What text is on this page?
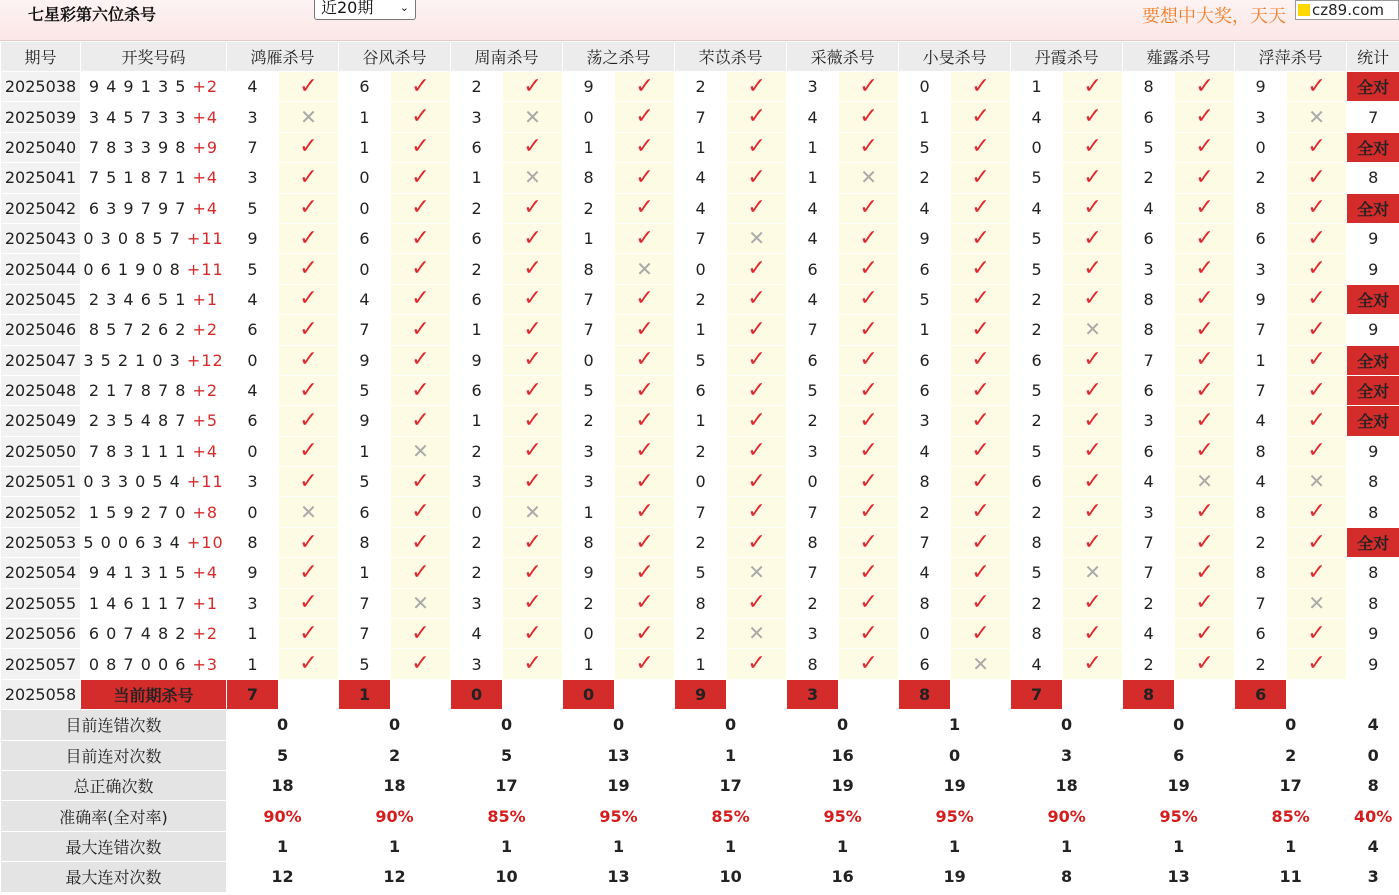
七星彩第六位杀号	近20期 ⌄	要想中大奖，天天	cz89.com
期号	开奖号码	鸿雁杀号		谷风杀号		周南杀号		荡之杀号		芣苡杀号		采薇杀号		小旻杀号		丹霞杀号		薤露杀号		浮萍杀号		统计
2025038	9 4 9 1 3 5 +2	4	✓	6	✓	2	✓	9	✓	2	✓	3	✓	0	✓	1	✓	8	✓	9	✓	全对
2025039	3 4 5 7 3 3 +4	3	✕	1	✓	3	✕	0	✓	7	✓	4	✓	1	✓	4	✓	6	✓	3	✕	7
2025040	7 8 3 3 9 8 +9	7	✓	1	✓	6	✓	1	✓	1	✓	1	✓	5	✓	0	✓	5	✓	0	✓	全对
2025041	7 5 1 8 7 1 +4	3	✓	0	✓	1	✕	8	✓	4	✓	1	✕	2	✓	5	✓	2	✓	2	✓	8
2025042	6 3 9 7 9 7 +4	5	✓	0	✓	2	✓	2	✓	4	✓	4	✓	4	✓	4	✓	4	✓	8	✓	全对
2025043	0 3 0 8 5 7 +11	9	✓	6	✓	6	✓	1	✓	7	✕	4	✓	9	✓	5	✓	6	✓	6	✓	9
2025044	0 6 1 9 0 8 +11	5	✓	0	✓	2	✓	8	✕	0	✓	6	✓	6	✓	5	✓	3	✓	3	✓	9
2025045	2 3 4 6 5 1 +1	4	✓	4	✓	6	✓	7	✓	2	✓	4	✓	5	✓	2	✓	8	✓	9	✓	全对
2025046	8 5 7 2 6 2 +2	6	✓	7	✓	1	✓	7	✓	1	✓	7	✓	1	✓	2	✕	8	✓	7	✓	9
2025047	3 5 2 1 0 3 +12	0	✓	9	✓	9	✓	0	✓	5	✓	6	✓	6	✓	6	✓	7	✓	1	✓	全对
2025048	2 1 7 8 7 8 +2	4	✓	5	✓	6	✓	5	✓	6	✓	5	✓	6	✓	5	✓	6	✓	7	✓	全对
2025049	2 3 5 4 8 7 +5	6	✓	9	✓	1	✓	2	✓	1	✓	2	✓	3	✓	2	✓	3	✓	4	✓	全对
2025050	7 8 3 1 1 1 +4	0	✓	1	✕	2	✓	3	✓	2	✓	3	✓	4	✓	5	✓	6	✓	8	✓	9
2025051	0 3 3 0 5 4 +11	3	✓	5	✓	3	✓	3	✓	0	✓	0	✓	8	✓	6	✓	4	✕	4	✕	8
2025052	1 5 9 2 7 0 +8	0	✕	6	✓	0	✕	1	✓	7	✓	7	✓	2	✓	2	✓	3	✓	8	✓	8
2025053	5 0 0 6 3 4 +10	8	✓	8	✓	2	✓	8	✓	2	✓	8	✓	7	✓	8	✓	7	✓	2	✓	全对
2025054	9 4 1 3 1 5 +4	9	✓	1	✓	2	✓	9	✓	5	✕	7	✓	4	✓	5	✕	7	✓	8	✓	8
2025055	1 4 6 1 1 7 +1	3	✓	7	✕	3	✓	2	✓	8	✓	2	✓	8	✓	2	✓	2	✓	7	✕	8
2025056	6 0 7 4 8 2 +2	1	✓	7	✓	4	✓	0	✓	2	✕	3	✓	0	✓	8	✓	4	✓	6	✓	9
2025057	0 8 7 0 0 6 +3	1	✓	5	✓	3	✓	1	✓	1	✓	8	✓	6	✕	4	✓	2	✓	2	✓	9
2025058	当前期杀号	7		1		0		0		9		3		8		7		8		6		
目前连错次数		0		0		0		0		0		0		1		0		0		0		4
目前连对次数		5		2		5		13		1		16		0		3		6		2		0
总正确次数		18		18		17		19		17		19		19		18		19		17		8
准确率(全对率)		90%		90%		85%		95%		85%		95%		95%		90%		95%		85%		40%
最大连错次数		1		1		1		1		1		1		1		1		1		1		4
最大连对次数		12		12		10		13		10		16		19		8		13		11		3
